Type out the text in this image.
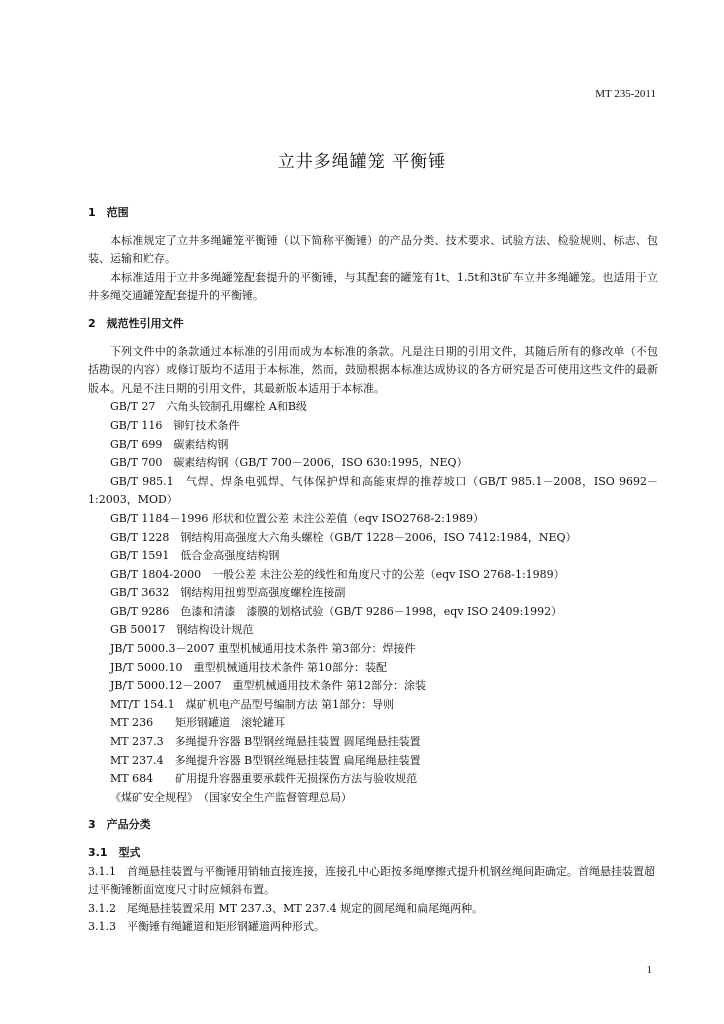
MT 235-2011
立井多绳罐笼 平衡锤
1　范围
本标准规定了立井多绳罐笼平衡锤（以下简称平衡锤）的产品分类、技术要求、试验方法、检验规则、标志、包装、运输和贮存。
本标准适用于立井多绳罐笼配套提升的平衡锤，与其配套的罐笼有1t、1.5t和3t矿车立井多绳罐笼。也适用于立井多绳交通罐笼配套提升的平衡锤。
2　规范性引用文件
下列文件中的条款通过本标准的引用而成为本标准的条款。凡是注日期的引用文件，其随后所有的修改单（不包括勘误的内容）或修订版均不适用于本标准，然而，鼓励根据本标准达成协议的各方研究是否可使用这些文件的最新版本。凡是不注日期的引用文件，其最新版本适用于本标准。
GB/T 27　六角头铰制孔用螺栓 A和B级
GB/T 116　铆钉技术条件
GB/T 699　碳素结构钢
GB/T 700　碳素结构钢（GB/T 700－2006，ISO 630:1995，NEQ）
GB/T 985.1　气焊、焊条电弧焊、气体保护焊和高能束焊的推荐坡口（GB/T 985.1－2008，ISO 9692－1:2003，MOD）
GB/T 1184－1996 形状和位置公差 未注公差值（eqv ISO2768-2:1989）
GB/T 1228　钢结构用高强度大六角头螺栓（GB/T 1228－2006，ISO 7412:1984，NEQ）
GB/T 1591　低合金高强度结构钢
GB/T 1804-2000　一般公差 未注公差的线性和角度尺寸的公差（eqv ISO 2768-1:1989）
GB/T 3632　钢结构用扭剪型高强度螺栓连接副
GB/T 9286　色漆和清漆　漆膜的划格试验（GB/T 9286－1998，eqv ISO 2409:1992）
GB 50017　钢结构设计规范
JB/T 5000.3－2007 重型机械通用技术条件 第3部分：焊接件
JB/T 5000.10　重型机械通用技术条件 第10部分：装配
JB/T 5000.12－2007　重型机械通用技术条件 第12部分：涂装
MT/T 154.1　煤矿机电产品型号编制方法 第1部分：导则
MT 236　　矩形钢罐道　滚轮罐耳
MT 237.3　多绳提升容器 B型钢丝绳悬挂装置 圆尾绳悬挂装置
MT 237.4　多绳提升容器 B型钢丝绳悬挂装置 扁尾绳悬挂装置
MT 684　　矿用提升容器重要承载件无损探伤方法与验收规范
《煤矿安全规程》　（国家安全生产监督管理总局）
3　产品分类
3.1　型式
3.1.1　首绳悬挂装置与平衡锤用销轴直接连接，连接孔中心距按多绳摩擦式提升机钢丝绳间距确定。首绳悬挂装置超过平衡锤断面宽度尺寸时应倾斜布置。
3.1.2　尾绳悬挂装置采用 MT 237.3、MT 237.4 规定的圆尾绳和扁尾绳两种。
3.1.3　平衡锤有绳罐道和矩形钢罐道两种形式。
1
